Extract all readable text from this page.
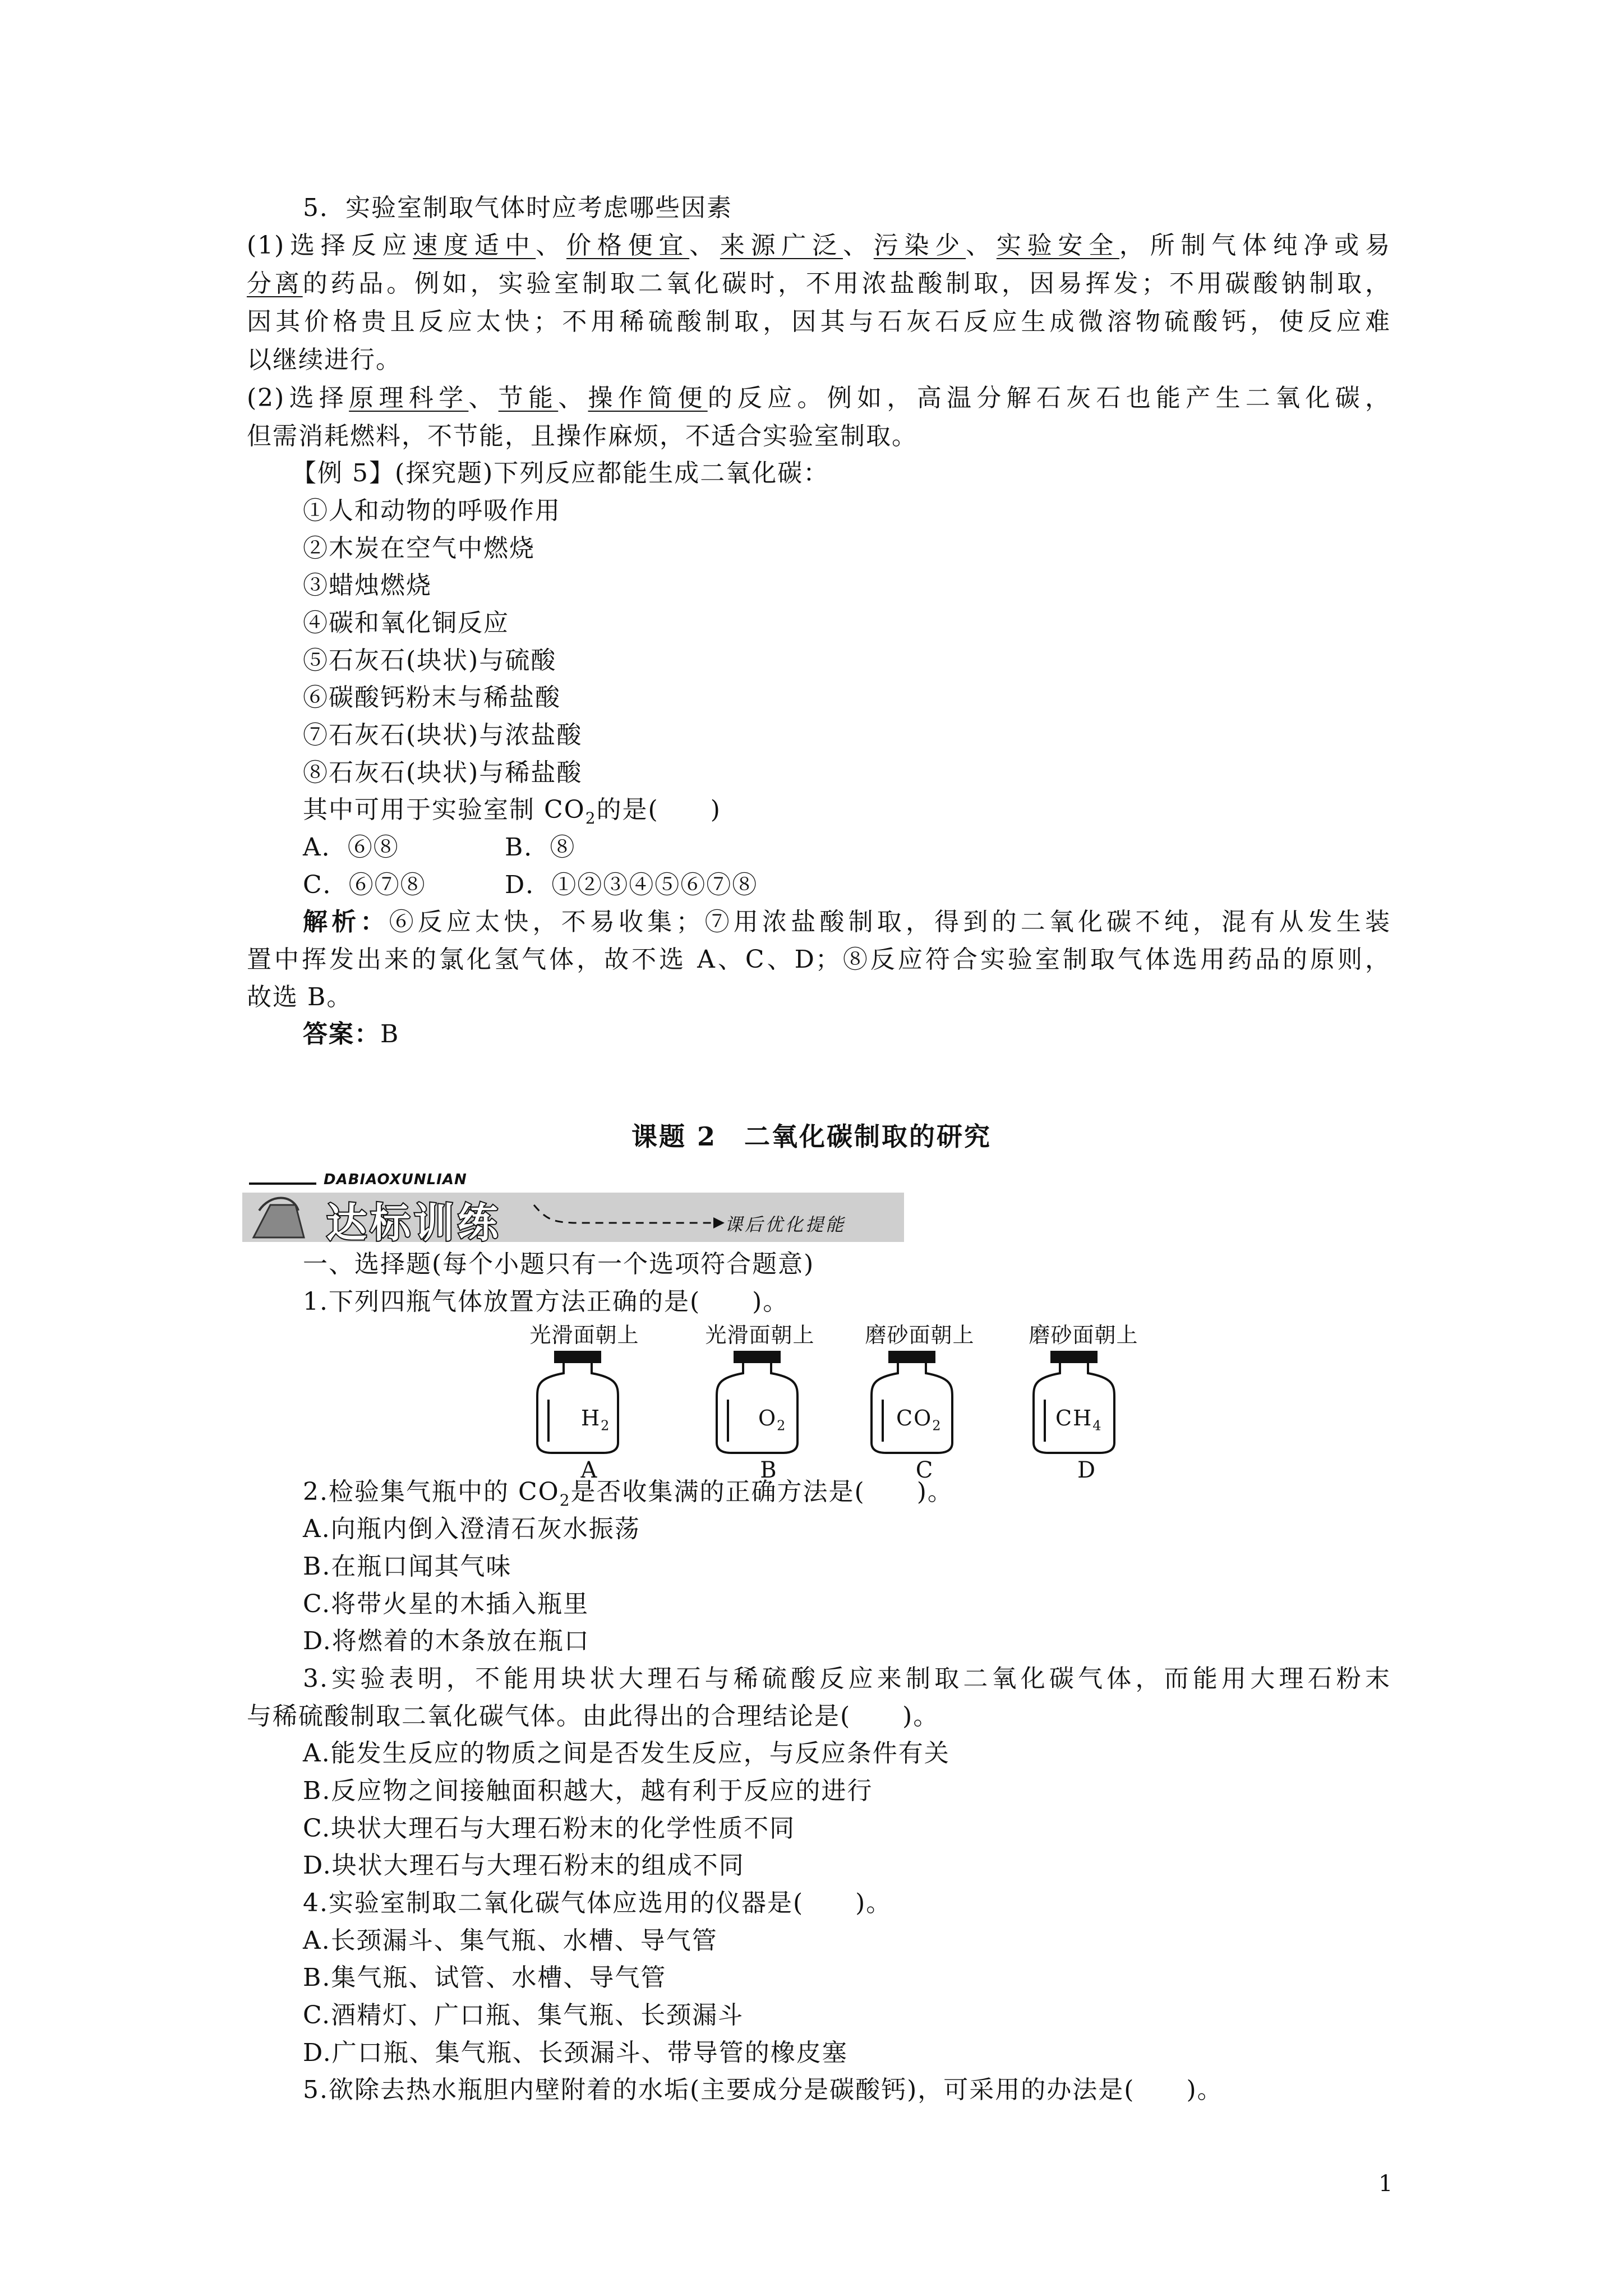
5．实验室制取气体时应考虑哪些因素
(1)选择反应速度适中、价格便宜、来源广泛、污染少、实验安全，所制气体纯净或易
分离的药品。例如，实验室制取二氧化碳时，不用浓盐酸制取，因易挥发；不用碳酸钠制取，
因其价格贵且反应太快；不用稀硫酸制取，因其与石灰石反应生成微溶物硫酸钙，使反应难
以继续进行。
(2)选择原理科学、节能、操作简便的反应。例如，高温分解石灰石也能产生二氧化碳，
但需消耗燃料，不节能，且操作麻烦，不适合实验室制取。
【例 5】(探究题)下列反应都能生成二氧化碳：
①人和动物的呼吸作用
②木炭在空气中燃烧
③蜡烛燃烧
④碳和氧化铜反应
⑤石灰石(块状)与硫酸
⑥碳酸钙粉末与稀盐酸
⑦石灰石(块状)与浓盐酸
⑧石灰石(块状)与稀盐酸
其中可用于实验室制 $CO_2$的是(　　)
A．⑥⑧	B．⑧
C．⑥⑦⑧	D．①②③④⑤⑥⑦⑧
解析：⑥反应太快，不易收集；⑦用浓盐酸制取，得到的二氧化碳不纯，混有从发生装
置中挥发出来的氯化氢气体，故不选 A、C、D；⑧反应符合实验室制取气体选用药品的原则，
故选 B。
答案：B
课题 2　二氧化碳制取的研究
DABIAOXUNLIAN
达标训练	课后优化提能
一、选择题(每个小题只有一个选项符合题意)
1.下列四瓶气体放置方法正确的是(　　)。
光滑面朝上	光滑面朝上	磨砂面朝上	磨砂面朝上
$H_2$	$O_2$	$CO_2$	$CH_4$
A	B	C	D
2.检验集气瓶中的 $CO_2$是否收集满的正确方法是(　　)。
A.向瓶内倒入澄清石灰水振荡
B.在瓶口闻其气味
C.将带火星的木插入瓶里
D.将燃着的木条放在瓶口
3.实验表明，不能用块状大理石与稀硫酸反应来制取二氧化碳气体，而能用大理石粉末
与稀硫酸制取二氧化碳气体。由此得出的合理结论是(　　)。
A.能发生反应的物质之间是否发生反应，与反应条件有关
B.反应物之间接触面积越大，越有利于反应的进行
C.块状大理石与大理石粉末的化学性质不同
D.块状大理石与大理石粉末的组成不同
4.实验室制取二氧化碳气体应选用的仪器是(　　)。
A.长颈漏斗、集气瓶、水槽、导气管
B.集气瓶、试管、水槽、导气管
C.酒精灯、广口瓶、集气瓶、长颈漏斗
D.广口瓶、集气瓶、长颈漏斗、带导管的橡皮塞
5.欲除去热水瓶胆内壁附着的水垢(主要成分是碳酸钙)，可采用的办法是(　　)。
1
